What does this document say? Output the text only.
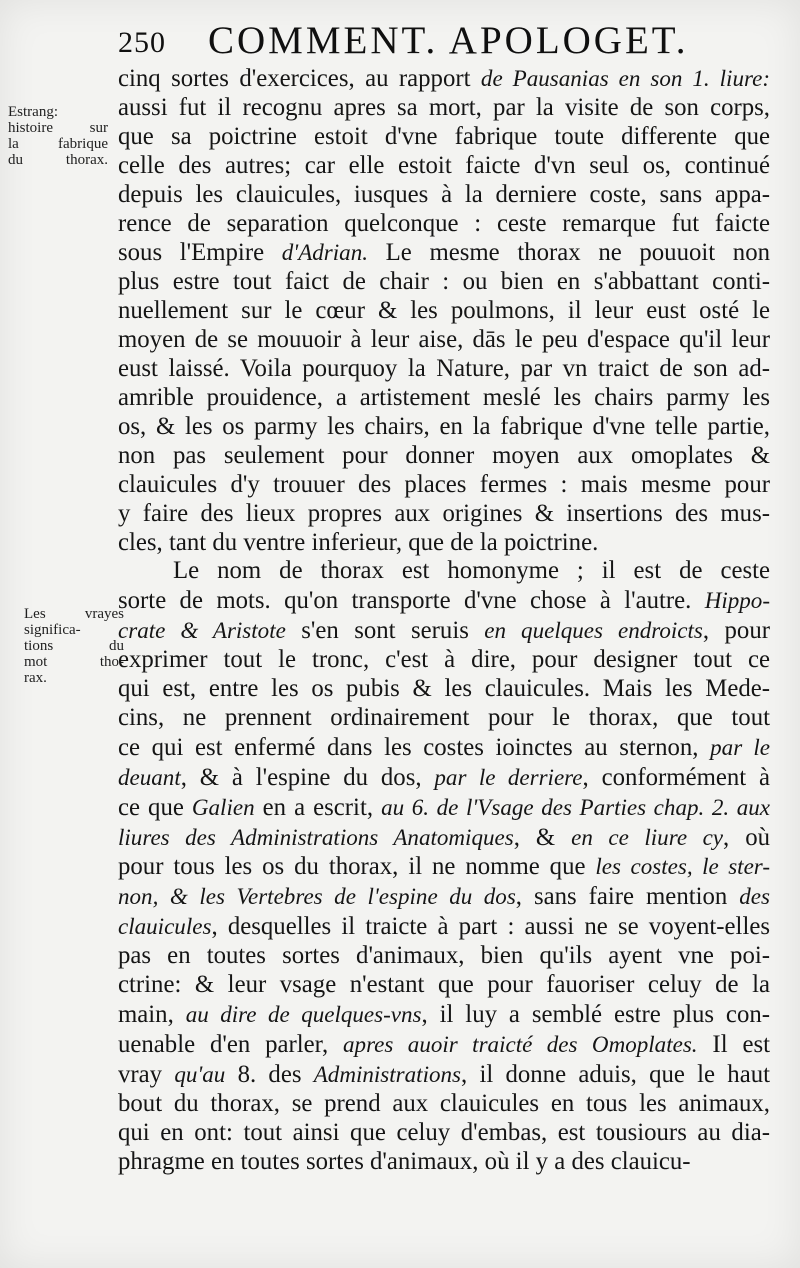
250 COMMENT. APOLOGET.
Estrang:
histoire sur
la fabrique
du thorax.
Les vrayes
significa-
tions du
mot tho-
rax.
cinq sortes d'exercices, au rapport de Pausanias en son 1. liure:
aussi fut il recognu apres sa mort, par la visite de son corps,
que sa poictrine estoit d'vne fabrique toute differente que
celle des autres; car elle estoit faicte d'vn seul os, continué
depuis les clauicules, iusques à la derniere coste, sans appa-
rence de separation quelconque : ceste remarque fut faicte
sous l'Empire d'Adrian. Le mesme thorax ne pouuoit non
plus estre tout faict de chair : ou bien en s'abbattant conti-
nuellement sur le cœur & les poulmons, il leur eust osté le
moyen de se mouuoir à leur aise, dās le peu d'espace qu'il leur
eust laissé. Voila pourquoy la Nature, par vn traict de son ad-
amrible prouidence, a artistement meslé les chairs parmy les
os, & les os parmy les chairs, en la fabrique d'vne telle partie,
non pas seulement pour donner moyen aux omoplates &
clauicules d'y trouuer des places fermes : mais mesme pour
y faire des lieux propres aux origines & insertions des mus-
cles, tant du ventre inferieur, que de la poictrine.
Le nom de thorax est homonyme ; il est de ceste
sorte de mots. qu'on transporte d'vne chose à l'autre. Hippo-
crate & Aristote s'en sont seruis en quelques endroicts, pour
exprimer tout le tronc, c'est à dire, pour designer tout ce
qui est, entre les os pubis & les clauicules. Mais les Mede-
cins, ne prennent ordinairement pour le thorax, que tout
ce qui est enfermé dans les costes ioinctes au sternon, par le
deuant, & à l'espine du dos, par le derriere, conformément à
ce que Galien en a escrit, au 6. de l'Vsage des Parties chap. 2. aux
liures des Administrations Anatomiques, & en ce liure cy, où
pour tous les os du thorax, il ne nomme que les costes, le ster-
non, & les Vertebres de l'espine du dos, sans faire mention des
clauicules, desquelles il traicte à part : aussi ne se voyent-elles
pas en toutes sortes d'animaux, bien qu'ils ayent vne poi-
ctrine: & leur vsage n'estant que pour fauoriser celuy de la
main, au dire de quelques-vns, il luy a semblé estre plus con-
uenable d'en parler, apres auoir traicté des Omoplates. Il est
vray qu'au 8. des Administrations, il donne aduis, que le haut
bout du thorax, se prend aux clauicules en tous les animaux,
qui en ont: tout ainsi que celuy d'embas, est tousiours au dia-
phragme en toutes sortes d'animaux, où il y a des clauicu-
